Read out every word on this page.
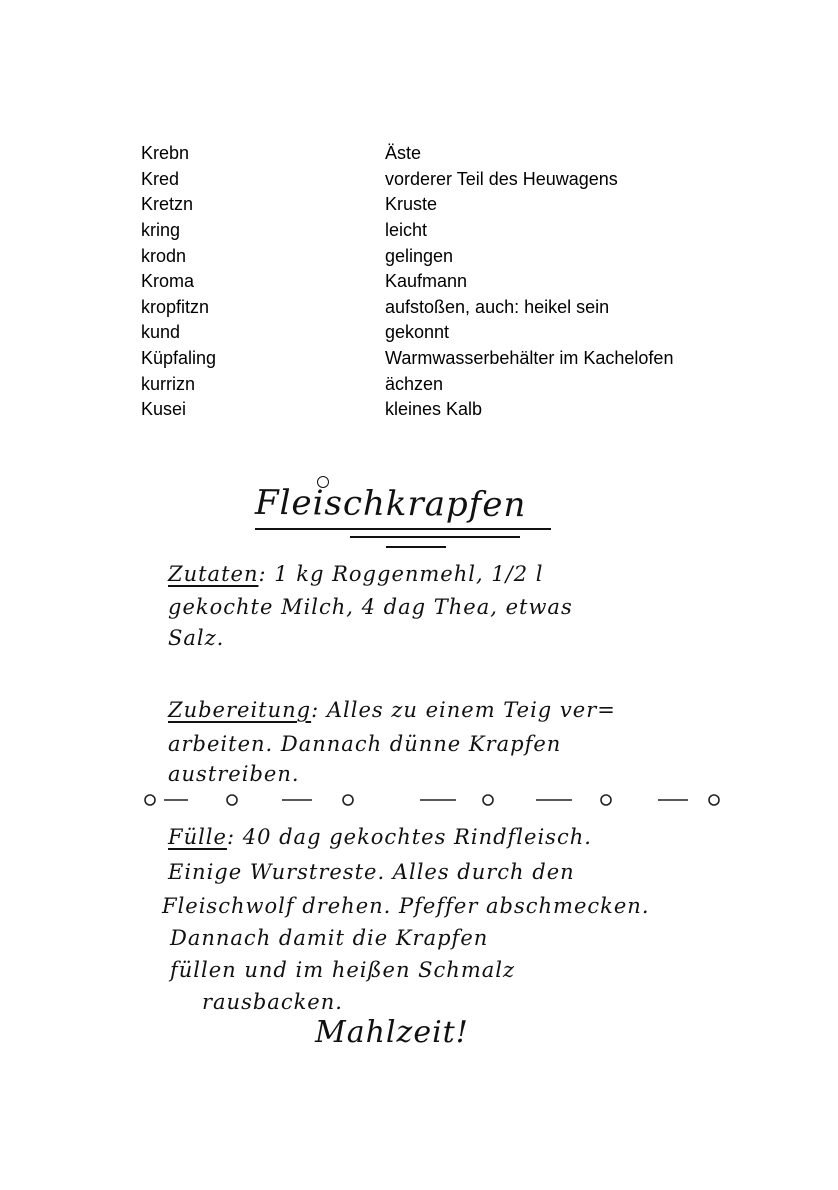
Krebn	Äste
Kred	vorderer Teil des Heuwagens
Kretzn	Kruste
kring	leicht
krodn	gelingen
Kroma	Kaufmann
kropfitzn	aufstoßen, auch: heikel sein
kund	gekonnt
Küpfaling	Warmwasserbehälter im Kachelofen
kurrizn	ächzen
Kusei	kleines Kalb
Fleischkrapfen
Zutaten: 1 kg Roggenmehl, 1/2 l
gekochte Milch, 4 dag Thea, etwas
Salz.
Zubereitung: Alles zu einem Teig ver=
arbeiten. Dannach dünne Krapfen
austreiben.
Fülle: 40 dag gekochtes Rindfleisch.
Einige Wurstreste. Alles durch den
Fleischwolf drehen. Pfeffer abschmecken.
Dannach damit die Krapfen
füllen und im heißen Schmalz
rausbacken.
Mahlzeit!
